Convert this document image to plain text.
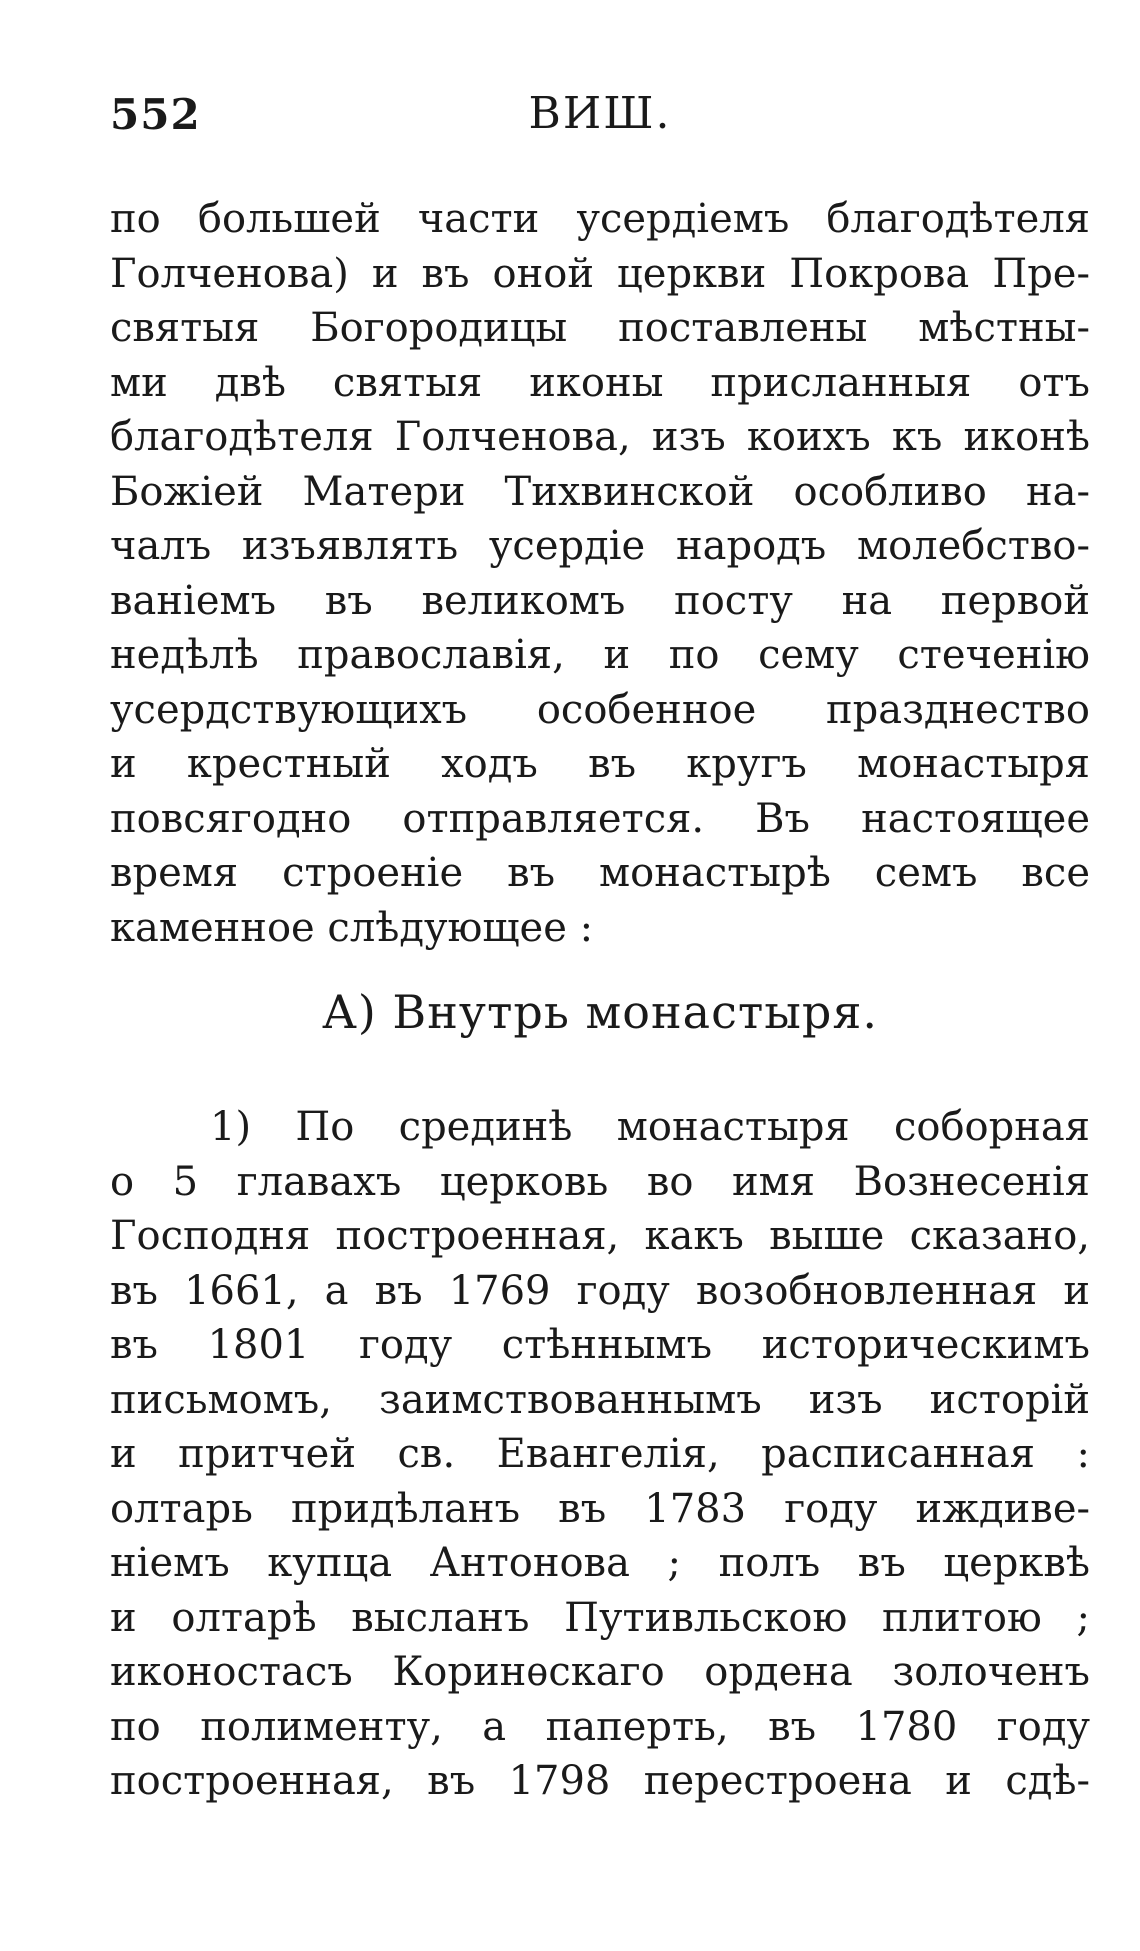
552	ВИШ.
по большей части усердiемъ благодѣтеля
Голченова) и въ оной церкви Покрова Пре-
святыя Богородицы поставлены мѣстны-
ми двѣ святыя иконы присланныя отъ
благодѣтеля Голченова, изъ коихъ къ иконѣ
Божiей Матери Тихвинской особливо на-
чалъ изъявлять усердiе народъ молебство-
ванiемъ въ великомъ посту на первой
недѣлѣ православiя, и по сему стеченiю
усердствующихъ особенное празднество
и крестный ходъ въ кругъ монастыря
повсягодно отправляется. Въ настоящее
время строенiе въ монастырѣ семъ все
каменное слѣдующее :
А) Внутрь монастыря.
1) По срединѣ монастыря соборная
о 5 главахъ церковь во имя Вознесенiя
Господня построенная, какъ выше сказано,
въ 1661, а въ 1769 году возобновленная и
въ 1801 году стѣннымъ историческимъ
письмомъ, заимствованнымъ изъ исторiй
и притчей св. Евангелiя, расписанная :
олтарь придѣланъ въ 1783 году иждиве-
нiемъ купца Антонова ; полъ въ церквѣ
и олтарѣ высланъ Путивльскою плитою ;
иконостасъ Коринѳскаго ордена золоченъ
по полименту, а паперть, въ 1780 году
построенная, въ 1798 перестроена и сдѣ-
